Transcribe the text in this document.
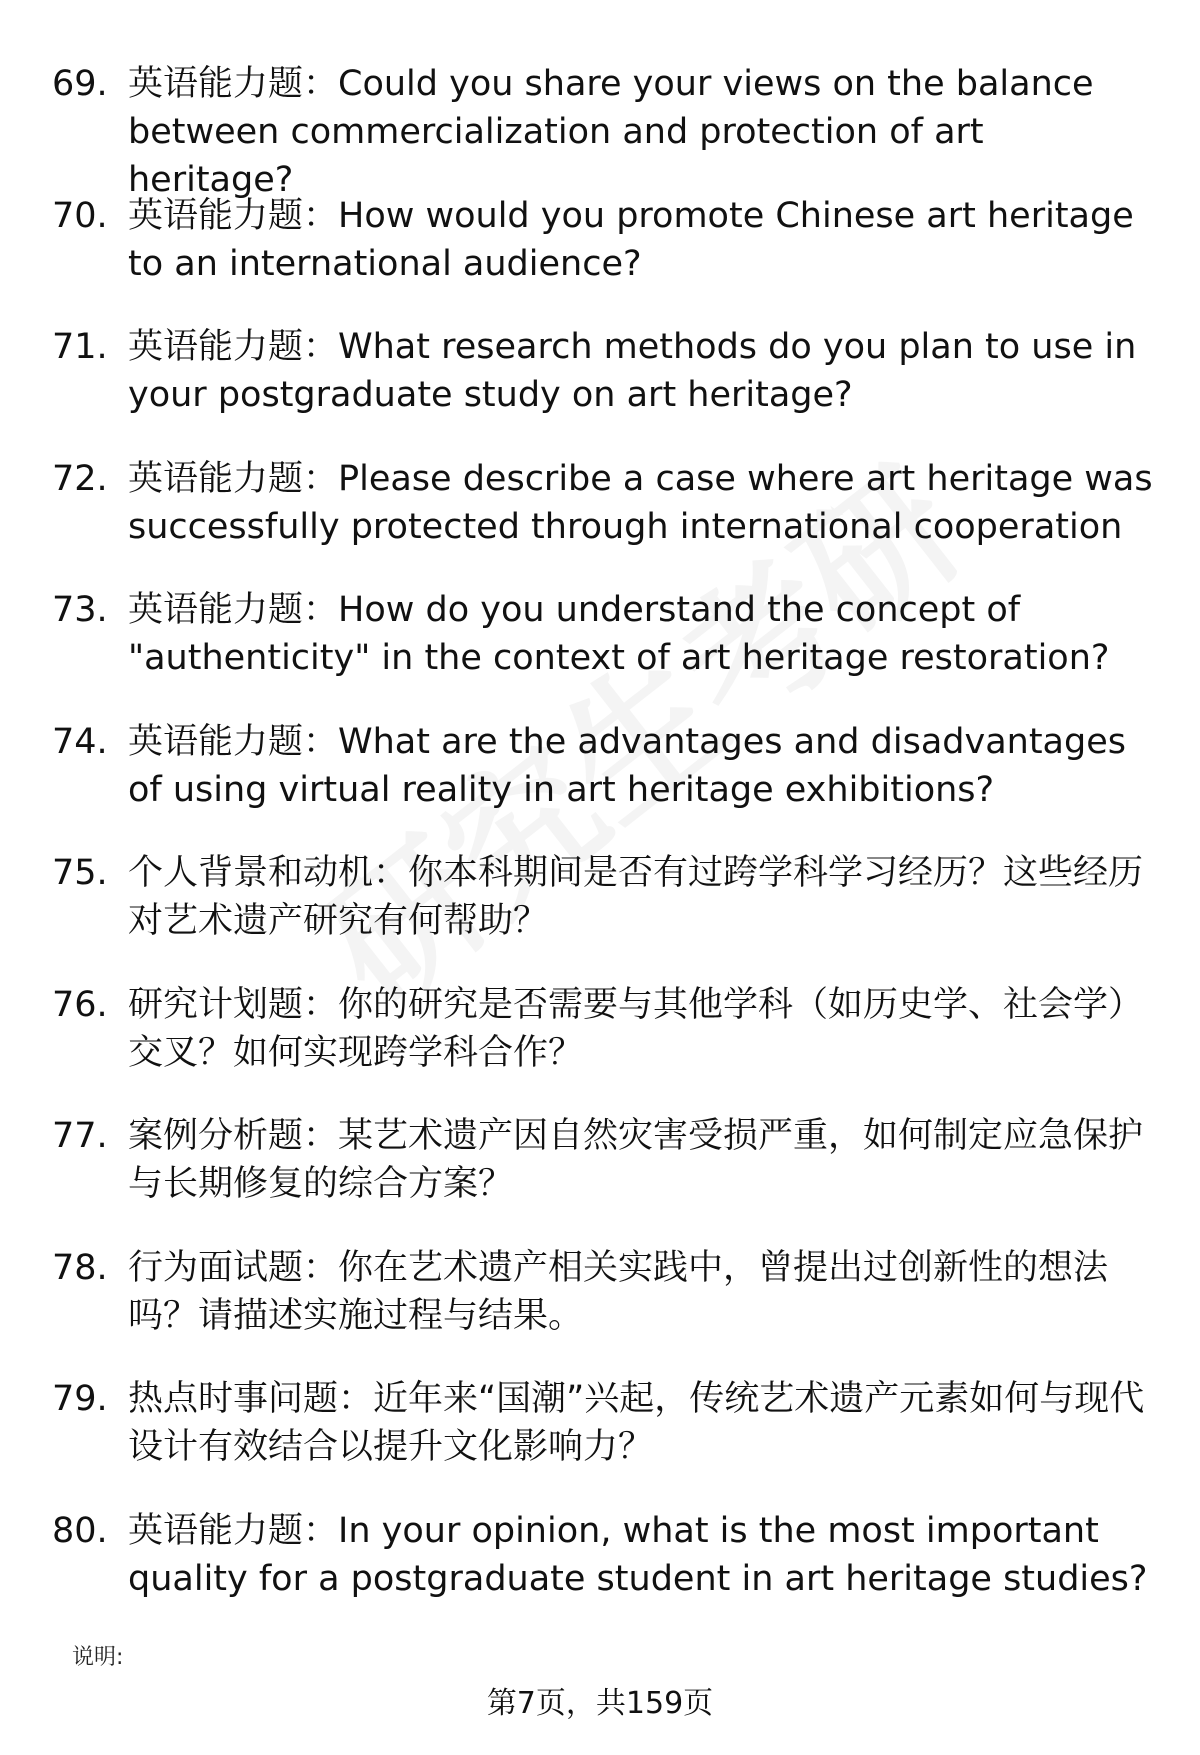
69. 英语能力题：Could you share your views on the balance between commercialization and protection of art heritage?
70. 英语能力题：How would you promote Chinese art heritage to an international audience?
71. 英语能力题：What research methods do you plan to use in your postgraduate study on art heritage?
72. 英语能力题：Please describe a case where art heritage was successfully protected through international cooperation
73. 英语能力题：How do you understand the concept of "authenticity" in the context of art heritage restoration?
74. 英语能力题：What are the advantages and disadvantages of using virtual reality in art heritage exhibitions?
75. 个人背景和动机：你本科期间是否有过跨学科学习经历？这些经历对艺术遗产研究有何帮助？
76. 研究计划题：你的研究是否需要与其他学科（如历史学、社会学）交叉？如何实现跨学科合作？
77. 案例分析题：某艺术遗产因自然灾害受损严重，如何制定应急保护与长期修复的综合方案？
78. 行为面试题：你在艺术遗产相关实践中，曾提出过创新性的想法吗？请描述实施过程与结果。
79. 热点时事问题：近年来“国潮”兴起，传统艺术遗产元素如何与现代设计有效结合以提升文化影响力？
80. 英语能力题：In your opinion, what is the most important quality for a postgraduate student in art heritage studies?
说明:
第7页，共159页
